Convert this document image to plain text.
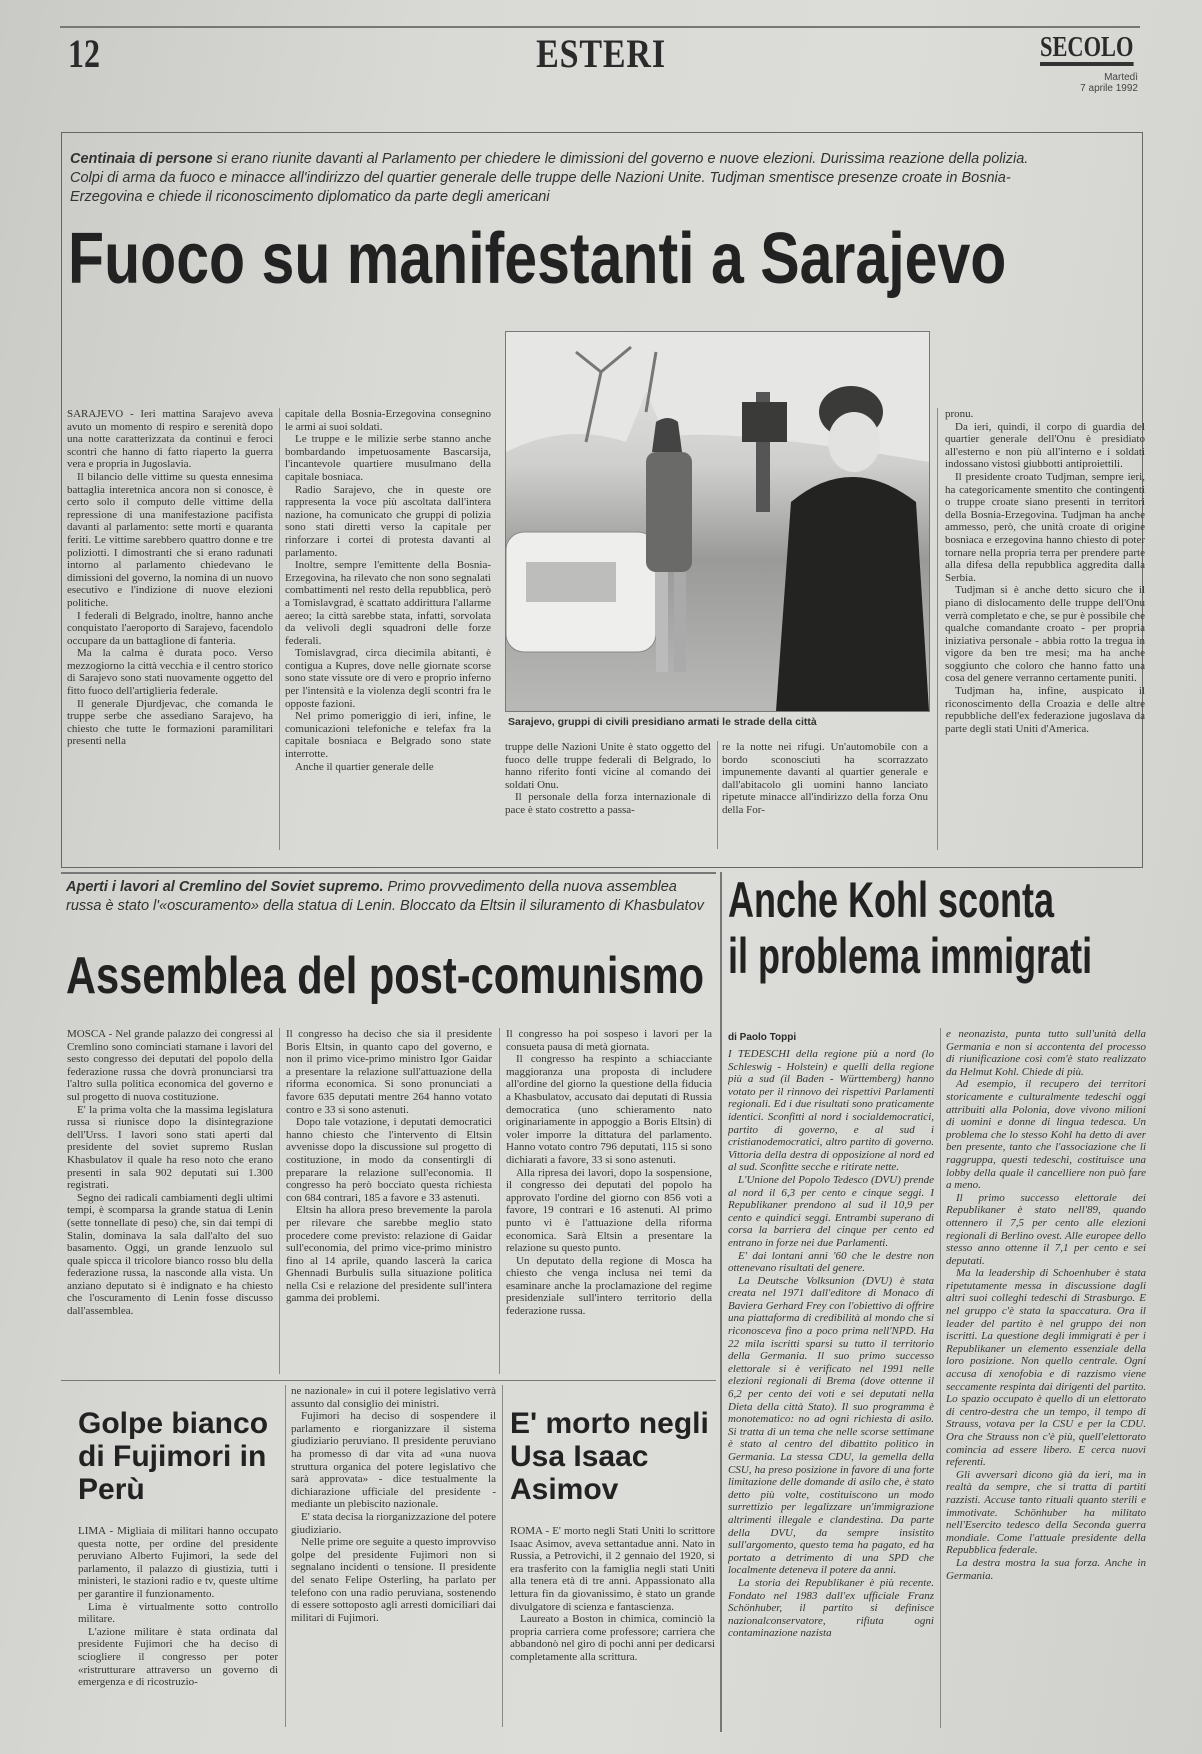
12	ESTERI	SECOLO
Martedì
7 aprile 1992
Centinaia di persone si erano riunite davanti al Parlamento per chiedere le dimissioni del governo e nuove elezioni. Durissima reazione della polizia. Colpi di arma da fuoco e minacce all'indirizzo del quartier generale delle truppe delle Nazioni Unite. Tudjman smentisce presenze croate in Bosnia-Erzegovina e chiede il riconoscimento diplomatico da parte degli americani
Fuoco su manifestanti a Sarajevo

SARAJEVO - Ieri mattina Sarajevo aveva avuto un momento di respiro e serenità dopo una notte caratterizzata da continui e feroci scontri che hanno di fatto riaperto la guerra vera e propria in Jugoslavia.

Il bilancio delle vittime su questa ennesima battaglia interetnica ancora non si conosce, è certo solo il computo delle vittime della repressione di una manifestazione pacifista davanti al parlamento: sette morti e quaranta feriti. Le vittime sarebbero quattro donne e tre poliziotti. I dimostranti che si erano radunati intorno al parlamento chiedevano le dimissioni del governo, la nomina di un nuovo esecutivo e l'indizione di nuove elezioni politiche.

I federali di Belgrado, inoltre, hanno anche conquistato l'aeroporto di Sarajevo, facendolo occupare da un battaglione di fanteria.

Ma la calma è durata poco. Verso mezzogiorno la città vecchia e il centro storico di Sarajevo sono stati nuovamente oggetto del fitto fuoco dell'artiglieria federale.

Il generale Djurdjevac, che comanda le truppe serbe che assediano Sarajevo, ha chiesto che tutte le formazioni paramilitari presenti nella

capitale della Bosnia-Erzegovina consegnino le armi ai suoi soldati.

Le truppe e le milizie serbe stanno anche bombardando impetuosamente Bascarsija, l'incantevole quartiere musulmano della capitale bosniaca.

Radio Sarajevo, che in queste ore rappresenta la voce più ascoltata dall'intera nazione, ha comunicato che gruppi di polizia sono stati diretti verso la capitale per rinforzare i cortei di protesta davanti al parlamento.

Inoltre, sempre l'emittente della Bosnia-Erzegovina, ha rilevato che non sono segnalati combattimenti nel resto della repubblica, però a Tomislavgrad, è scattato addirittura l'allarme aereo; la città sarebbe stata, infatti, sorvolata da velivoli degli squadroni delle forze federali.

Tomislavgrad, circa diecimila abitanti, è contigua a Kupres, dove nelle giornate scorse sono state vissute ore di vero e proprio inferno per l'intensità e la violenza degli scontri fra le opposte fazioni.

Nel primo pomeriggio di ieri, infine, le comunicazioni telefoniche e telefax fra la capitale bosniaca e Belgrado sono state interrotte.

Anche il quartier generale delle

Sarajevo, gruppi di civili presidiano armati le strade della città

truppe delle Nazioni Unite è stato oggetto del fuoco delle truppe federali di Belgrado, lo hanno riferito fonti vicine al comando dei soldati Onu.

Il personale della forza internazionale di pace è stato costretto a passa-

re la notte nei rifugi. Un'automobile con a bordo sconosciuti ha scorrazzato impunemente davanti al quartier generale e dall'abitacolo gli uomini hanno lanciato ripetute minacce all'indirizzo della forza Onu della For-

pronu.

Da ieri, quindi, il corpo di guardia del quartier generale dell'Onu è presidiato all'esterno e non più all'interno e i soldati indossano vistosi giubbotti antiproiettili.

Il presidente croato Tudjman, sempre ieri, ha categoricamente smentito che contingenti o truppe croate siano presenti in territori della Bosnia-Erzegovina. Tudjman ha anche ammesso, però, che unità croate di origine bosniaca e erzegovina hanno chiesto di poter tornare nella propria terra per prendere parte alla difesa della repubblica aggredita dalla Serbia.

Tudjman si è anche detto sicuro che il piano di dislocamento delle truppe dell'Onu verrà completato e che, se pur è possibile che qualche comandante croato - per propria iniziativa personale - abbia rotto la tregua in vigore da ben tre mesi; ma ha anche soggiunto che coloro che hanno fatto una cosa del genere verranno certamente puniti.

Tudjman ha, infine, auspicato il riconoscimento della Croazia e delle altre repubbliche dell'ex federazione jugoslava da parte degli stati Uniti d'America.

Aperti i lavori al Cremlino del Soviet supremo. Primo provvedimento della nuova assemblea russa è stato l'«oscuramento» della statua di Lenin. Bloccato da Eltsin il siluramento di Khasbulatov
Assemblea del post-comunismo

MOSCA - Nel grande palazzo dei congressi al Cremlino sono cominciati stamane i lavori del sesto congresso dei deputati del popolo della federazione russa che dovrà pronunciarsi tra l'altro sulla politica economica del governo e sul progetto di nuova costituzione.

E' la prima volta che la massima legislatura russa si riunisce dopo la disintegrazione dell'Urss. I lavori sono stati aperti dal presidente del soviet supremo Ruslan Khasbulatov il quale ha reso noto che erano presenti in sala 902 deputati sui 1.300 registrati.

Segno dei radicali cambiamenti degli ultimi tempi, è scomparsa la grande statua di Lenin (sette tonnellate di peso) che, sin dai tempi di Stalin, dominava la sala dall'alto del suo basamento. Oggi, un grande lenzuolo sul quale spicca il tricolore bianco rosso blu della federazione russa, la nasconde alla vista. Un anziano deputato si è indignato e ha chiesto che l'oscuramento di Lenin fosse discusso dall'assemblea.

Il congresso ha deciso che sia il presidente Boris Eltsin, in quanto capo del governo, e non il primo vice-primo ministro Igor Gaidar a presentare la relazione sull'attuazione della riforma economica. Si sono pronunciati a favore 635 deputati mentre 264 hanno votato contro e 33 si sono astenuti.

Dopo tale votazione, i deputati democratici hanno chiesto che l'intervento di Eltsin avvenisse dopo la discussione sul progetto di costituzione, in modo da consentirgli di preparare la relazione sull'economia. Il congresso ha però bocciato questa richiesta con 684 contrari, 185 a favore e 33 astenuti.

Eltsin ha allora preso brevemente la parola per rilevare che sarebbe meglio stato procedere come previsto: relazione di Gaidar sull'economia, del primo vice-primo ministro fino al 14 aprile, quando lascerà la carica Ghennadi Burbulis sulla situazione politica nella Csi e relazione del presidente sull'intera gamma dei problemi.

Il congresso ha poi sospeso i lavori per la consueta pausa di metà giornata.

Il congresso ha respinto a schiacciante maggioranza una proposta di includere all'ordine del giorno la questione della fiducia a Khasbulatov, accusato dai deputati di Russia democratica (uno schieramento nato originariamente in appoggio a Boris Eltsin) di voler imporre la dittatura del parlamento. Hanno votato contro 796 deputati, 115 si sono dichiarati a favore, 33 si sono astenuti.

Alla ripresa dei lavori, dopo la sospensione, il congresso dei deputati del popolo ha approvato l'ordine del giorno con 856 voti a favore, 19 contrari e 16 astenuti. Al primo punto vi è l'attuazione della riforma economica. Sarà Eltsin a presentare la relazione su questo punto.

Un deputato della regione di Mosca ha chiesto che venga inclusa nei temi da esaminare anche la proclamazione del regime presidenziale sull'intero territorio della federazione russa.

Anche Kohl sconta
il problema immigrati
di Paolo Toppi

I TEDESCHI della regione più a nord (lo Schleswig - Holstein) e quelli della regione più a sud (il Baden - Württemberg) hanno votato per il rinnovo dei rispettivi Parlamenti regionali. Ed i due risultati sono praticamente identici. Sconfitti al nord i socialdemocratici, partito di governo, e al sud i cristianodemocratici, altro partito di governo. Vittoria della destra di opposizione al nord ed al sud. Sconfitte secche e ritirate nette.

L'Unione del Popolo Tedesco (DVU) prende al nord il 6,3 per cento e cinque seggi. I Republikaner prendono al sud il 10,9 per cento e quindici seggi. Entrambi superano di corsa la barriera del cinque per cento ed entrano in forze nei due Parlamenti.

E' dai lontani anni '60 che le destre non ottenevano risultati del genere.

La Deutsche Volksunion (DVU) è stata creata nel 1971 dall'editore di Monaco di Baviera Gerhard Frey con l'obiettivo di offrire una piattaforma di credibilità al mondo che si riconosceva fino a poco prima nell'NPD. Ha 22 mila iscritti sparsi su tutto il territorio della Germania. Il suo primo successo elettorale si è verificato nel 1991 nelle elezioni regionali di Brema (dove ottenne il 6,2 per cento dei voti e sei deputati nella Dieta della città Stato). Il suo programma è monotematico: no ad ogni richiesta di asilo. Si tratta di un tema che nelle scorse settimane è stato al centro del dibattito politico in Germania. La stessa CDU, la gemella della CSU, ha preso posizione in favore di una forte limitazione delle domande di asilo che, è stato detto più volte, costituiscono un modo surrettizio per legalizzare un'immigrazione altrimenti illegale e clandestina. Da parte della DVU, da sempre insistito sull'argomento, questo tema ha pagato, ed ha portato a detrimento di una SPD che localmente deteneva il potere da anni.

La storia dei Republikaner è più recente. Fondato nel 1983 dall'ex ufficiale Franz Schönhuber, il partito si definisce nazionalconservatore, rifiuta ogni contaminazione nazista

e neonazista, punta tutto sull'unità della Germania e non si accontenta del processo di riunificazione così com'è stato realizzato da Helmut Kohl. Chiede di più.

Ad esempio, il recupero dei territori storicamente e culturalmente tedeschi oggi attribuiti alla Polonia, dove vivono milioni di uomini e donne di lingua tedesca. Un problema che lo stesso Kohl ha detto di aver ben presente, tanto che l'associazione che li raggruppa, questi tedeschi, costituisce una lobby della quale il cancelliere non può fare a meno.

Il primo successo elettorale dei Republikaner è stato nell'89, quando ottennero il 7,5 per cento alle elezioni regionali di Berlino ovest. Alle europee dello stesso anno ottenne il 7,1 per cento e sei deputati.

Ma la leadership di Schoenhuber è stata ripetutamente messa in discussione dagli altri suoi colleghi tedeschi di Strasburgo. E nel gruppo c'è stata la spaccatura. Ora il leader del partito è nel gruppo dei non iscritti. La questione degli immigrati è per i Republikaner un elemento essenziale della loro posizione. Non quello centrale. Ogni accusa di xenofobia e di razzismo viene seccamente respinta dai dirigenti del partito. Lo spazio occupato è quello di un elettorato di centro-destra che un tempo, il tempo di Strauss, votava per la CSU e per la CDU. Ora che Strauss non c'è più, quell'elettorato comincia ad essere libero. E cerca nuovi referenti.

Gli avversari dicono già da ieri, ma in realtà da sempre, che si tratta di partiti razzisti. Accuse tanto rituali quanto sterili e immotivate. Schönhuber ha militato nell'Esercito tedesco della Seconda guerra mondiale. Come l'attuale presidente della Repubblica federale.

La destra mostra la sua forza. Anche in Germania.

Golpe bianco di Fujimori in Perù

LIMA - Migliaia di militari hanno occupato questa notte, per ordine del presidente peruviano Alberto Fujimori, la sede del parlamento, il palazzo di giustizia, tutti i ministeri, le stazioni radio e tv, queste ultime per garantire il funzionamento.

Lima è virtualmente sotto controllo militare.

L'azione militare è stata ordinata dal presidente Fujimori che ha deciso di sciogliere il congresso per poter «ristrutturare attraverso un governo di emergenza e di ricostruzio-

ne nazionale» in cui il potere legislativo verrà assunto dal consiglio dei ministri.

Fujimori ha deciso di sospendere il parlamento e riorganizzare il sistema giudiziario peruviano. Il presidente peruviano ha promesso di dar vita ad «una nuova struttura organica del potere legislativo che sarà approvata» - dice testualmente la dichiarazione ufficiale del presidente - mediante un plebiscito nazionale.

E' stata decisa la riorganizzazione del potere giudiziario.

Nelle prime ore seguite a questo improvviso golpe del presidente Fujimori non si segnalano incidenti o tensione. Il presidente del senato Felipe Osterling, ha parlato per telefono con una radio peruviana, sostenendo di essere sottoposto agli arresti domiciliari dai militari di Fujimori.

E' morto negli Usa Isaac Asimov

ROMA - E' morto negli Stati Uniti lo scrittore Isaac Asimov, aveva settantadue anni. Nato in Russia, a Petrovichi, il 2 gennaio del 1920, si era trasferito con la famiglia negli stati Uniti alla tenera età di tre anni. Appassionato alla lettura fin da giovanissimo, è stato un grande divulgatore di scienza e fantascienza.

Laureato a Boston in chimica, cominciò la propria carriera come professore; carriera che abbandonò nel giro di pochi anni per dedicarsi completamente alla scrittura.
